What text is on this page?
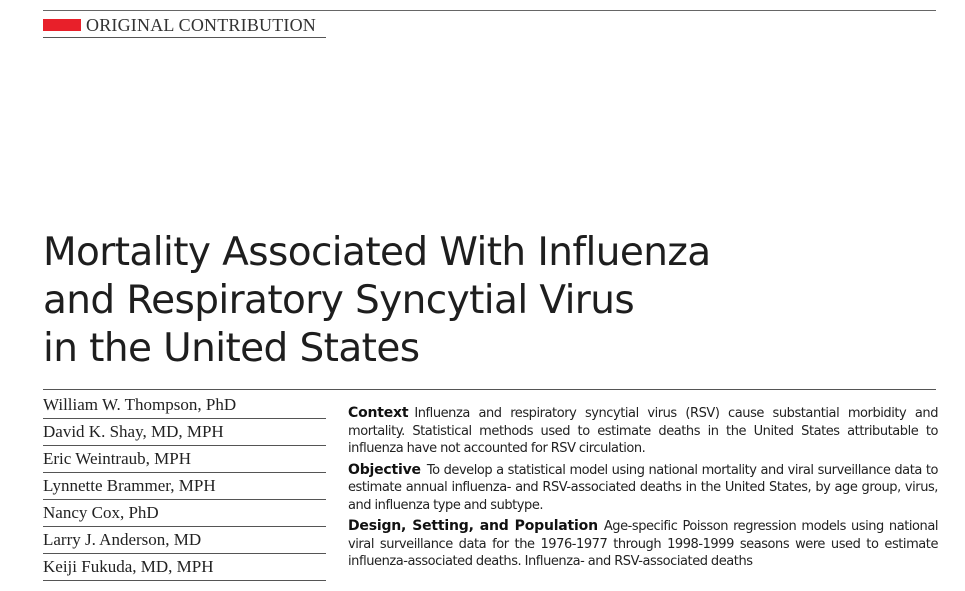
ORIGINAL CONTRIBUTION
Mortality Associated With Influenza
and Respiratory Syncytial Virus
in the United States
William W. Thompson, PhD
David K. Shay, MD, MPH
Eric Weintraub, MPH
Lynnette Brammer, MPH
Nancy Cox, PhD
Larry J. Anderson, MD
Keiji Fukuda, MD, MPH

Context Influenza and respiratory syncytial virus (RSV) cause substantial morbidity and mortality. Statistical methods used to estimate deaths in the United States attributable to influenza have not accounted for RSV circulation.

Objective To develop a statistical model using national mortality and viral surveillance data to estimate annual influenza- and RSV-associated deaths in the United States, by age group, virus, and influenza type and subtype.

Design, Setting, and Population Age-specific Poisson regression models using national viral surveillance data for the 1976-1977 through 1998-1999 seasons were used to estimate influenza-associated deaths. Influenza- and RSV-associated deaths
